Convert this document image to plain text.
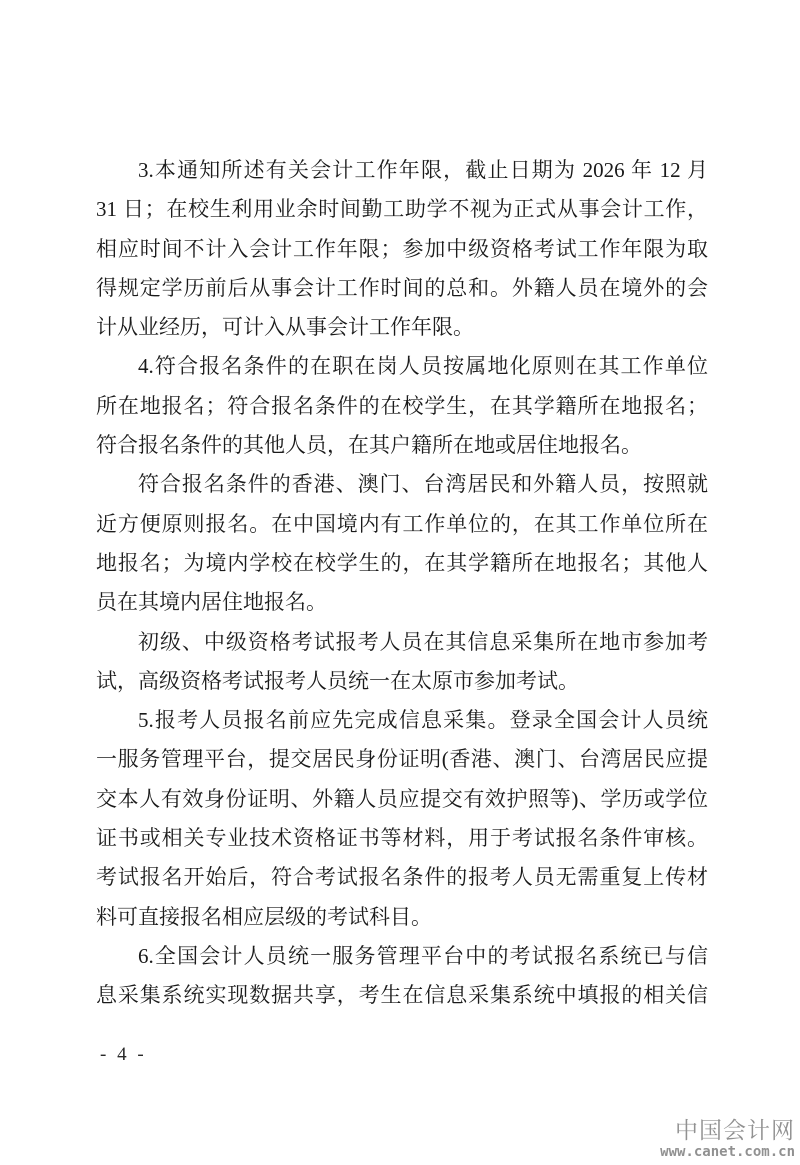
3.本通知所述有关会计工作年限，截止日期为 2026 年 12 月
31 日；在校生利用业余时间勤工助学不视为正式从事会计工作，
相应时间不计入会计工作年限；参加中级资格考试工作年限为取
得规定学历前后从事会计工作时间的总和。外籍人员在境外的会
计从业经历，可计入从事会计工作年限。
4.符合报名条件的在职在岗人员按属地化原则在其工作单位
所在地报名；符合报名条件的在校学生，在其学籍所在地报名；
符合报名条件的其他人员，在其户籍所在地或居住地报名。
符合报名条件的香港、澳门、台湾居民和外籍人员，按照就
近方便原则报名。在中国境内有工作单位的，在其工作单位所在
地报名；为境内学校在校学生的，在其学籍所在地报名；其他人
员在其境内居住地报名。
初级、中级资格考试报考人员在其信息采集所在地市参加考
试，高级资格考试报考人员统一在太原市参加考试。
5.报考人员报名前应先完成信息采集。登录全国会计人员统
一服务管理平台，提交居民身份证明(香港、澳门、台湾居民应提
交本人有效身份证明、外籍人员应提交有效护照等)、学历或学位
证书或相关专业技术资格证书等材料，用于考试报名条件审核。
考试报名开始后，符合考试报名条件的报考人员无需重复上传材
料可直接报名相应层级的考试科目。
6.全国会计人员统一服务管理平台中的考试报名系统已与信
息采集系统实现数据共享，考生在信息采集系统中填报的相关信
- 4 -
中国会计网
www.canet.com.cn
